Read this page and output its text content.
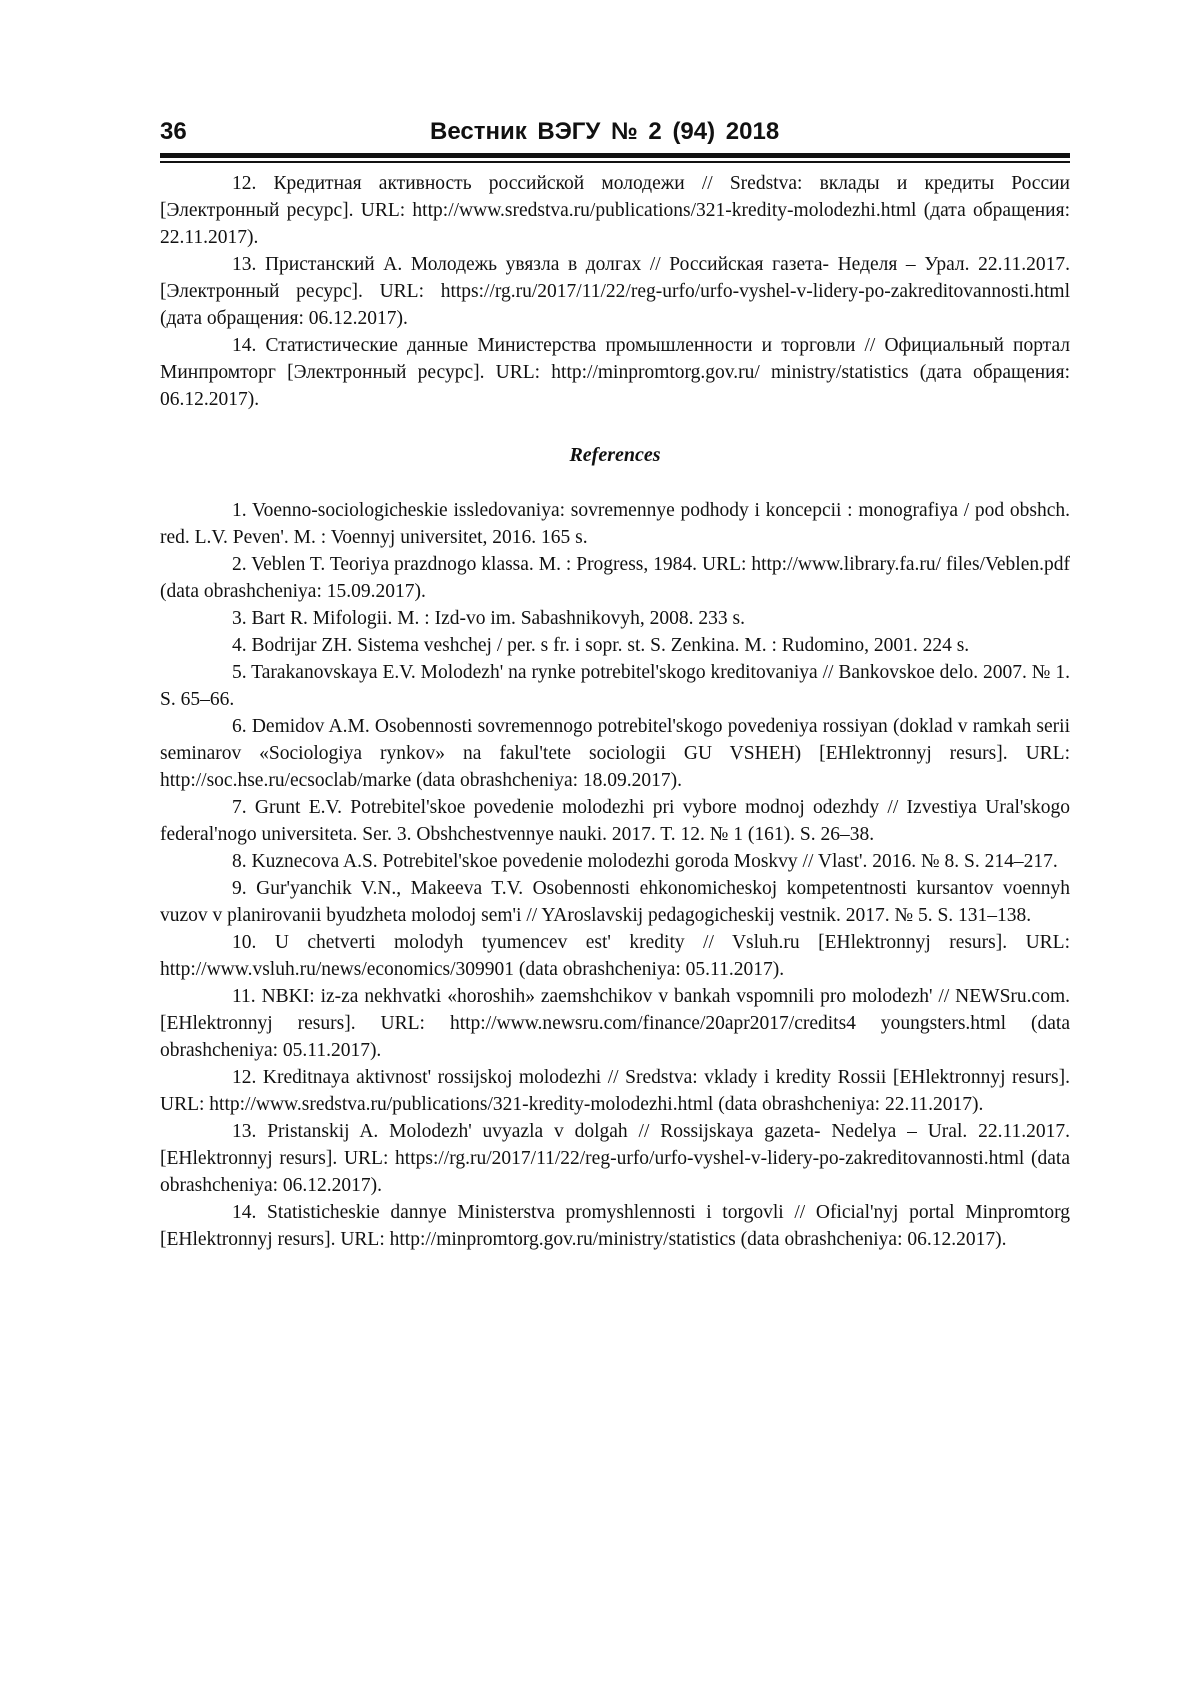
36	Вестник ВЭГУ № 2 (94) 2018

12. Кредитная активность российской молодежи // Sredstva: вклады и кредиты России [Электронный ресурс]. URL: http://www.sredstva.ru/publications/321-kredity-molodezhi.html (дата обращения: 22.11.2017).

13. Пристанский А. Молодежь увязла в долгах // Российская газета- Неделя – Урал. 22.11.2017. [Электронный ресурс]. URL: https://rg.ru/2017/11/22/reg-urfo/urfo-vyshel-v-lidery-po-zakreditovannosti.html (дата обращения: 06.12.2017).

14. Статистические данные Министерства промышленности и торговли // Официальный портал Минпромторг [Электронный ресурс]. URL: http://minpromtorg.gov.ru/ ministry/statistics (дата обращения: 06.12.2017).

References

1. Voenno-sociologicheskie issledovaniya: sovremennye podhody i koncepcii : monografiya / pod obshch. red. L.V. Peven'. M. : Voennyj universitet, 2016. 165 s.

2. Veblen T. Teoriya prazdnogo klassa. M. : Progress, 1984. URL: http://www.library.fa.ru/ files/Veblen.pdf (data obrashcheniya: 15.09.2017).

3. Bart R. Mifologii. M. : Izd-vo im. Sabashnikovyh, 2008. 233 s.

4. Bodrijar ZH. Sistema veshchej / per. s fr. i sopr. st. S. Zenkina. M. : Rudomino, 2001. 224 s.

5. Tarakanovskaya E.V. Molodezh' na rynke potrebitel'skogo kreditovaniya // Bankovskoe delo. 2007. № 1. S. 65–66.

6. Demidov A.M. Osobennosti sovremennogo potrebitel'skogo povedeniya rossiyan (doklad v ramkah serii seminarov «Sociologiya rynkov» na fakul'tete sociologii GU VSHEH) [EHlektronnyj resurs]. URL: http://soc.hse.ru/ecsoclab/marke (data obrashcheniya: 18.09.2017).

7. Grunt E.V. Potrebitel'skoe povedenie molodezhi pri vybore modnoj odezhdy // Izvestiya Ural'skogo federal'nogo universiteta. Ser. 3. Obshchestvennye nauki. 2017. T. 12. № 1 (161). S. 26–38.

8. Kuznecova A.S. Potrebitel'skoe povedenie molodezhi goroda Moskvy // Vlast'. 2016. № 8. S. 214–217.

9. Gur'yanchik V.N., Makeeva T.V. Osobennosti ehkonomicheskoj kompetentnosti kursantov voennyh vuzov v planirovanii byudzheta molodoj sem'i // YAroslavskij pedagogicheskij vestnik. 2017. № 5. S. 131–138.

10. U chetverti molodyh tyumencev est' kredity // Vsluh.ru [EHlektronnyj resurs]. URL: http://www.vsluh.ru/news/economics/309901 (data obrashcheniya: 05.11.2017).

11. NBKI: iz-za nekhvatki «horoshih» zaemshchikov v bankah vspomnili pro molodezh' // NEWSru.com. [EHlektronnyj resurs]. URL: http://www.newsru.com/finance/20apr2017/credits4 youngsters.html (data obrashcheniya: 05.11.2017).

12. Kreditnaya aktivnost' rossijskoj molodezhi // Sredstva: vklady i kredity Rossii [EHlektronnyj resurs]. URL: http://www.sredstva.ru/publications/321-kredity-molodezhi.html (data obrashcheniya: 22.11.2017).

13. Pristanskij A. Molodezh' uvyazla v dolgah // Rossijskaya gazeta- Nedelya – Ural. 22.11.2017. [EHlektronnyj resurs]. URL: https://rg.ru/2017/11/22/reg-urfo/urfo-vyshel-v-lidery-po-zakreditovannosti.html (data obrashcheniya: 06.12.2017).

14. Statisticheskie dannye Ministerstva promyshlennosti i torgovli // Oficial'nyj portal Minpromtorg [EHlektronnyj resurs]. URL: http://minpromtorg.gov.ru/ministry/statistics (data obrashcheniya: 06.12.2017).
